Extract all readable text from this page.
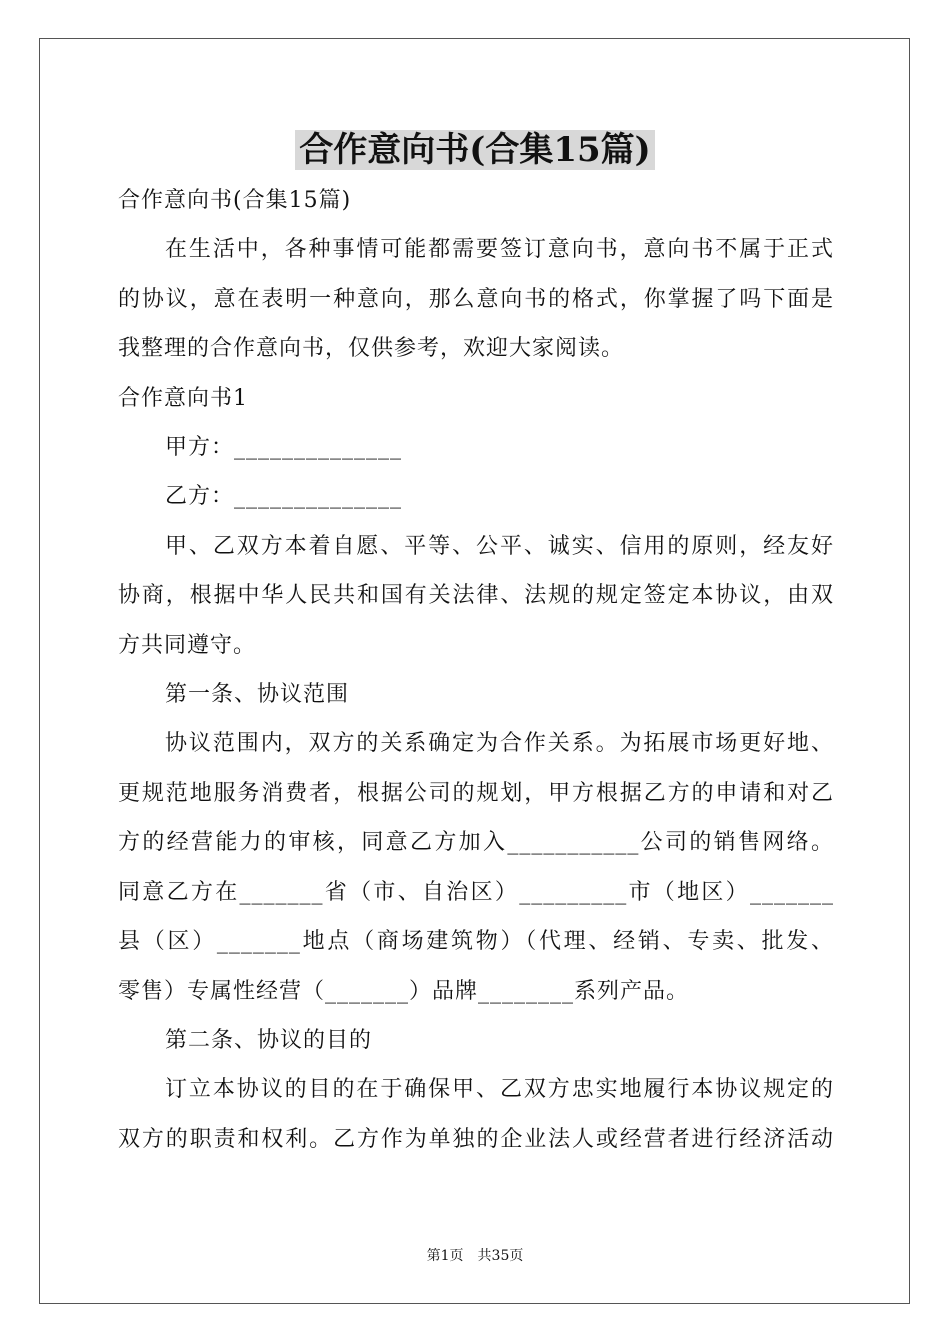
合作意向书(合集15篇)
合作意向书(合集15篇)
在生活中，各种事情可能都需要签订意向书，意向书不属于正式
的协议，意在表明一种意向，那么意向书的格式，你掌握了吗下面是
我整理的合作意向书，仅供参考，欢迎大家阅读。
合作意向书1
甲方：______________
乙方：______________
甲、乙双方本着自愿、平等、公平、诚实、信用的原则，经友好
协商，根据中华人民共和国有关法律、法规的规定签定本协议，由双
方共同遵守。
第一条、协议范围
协议范围内，双方的关系确定为合作关系。为拓展市场更好地、
更规范地服务消费者，根据公司的规划，甲方根据乙方的申请和对乙
方的经营能力的审核，同意乙方加入___________公司的销售网络。
同意乙方在_______省（市、自治区）_________市（地区）_______
县（区）_______地点（商场建筑物）（代理、经销、专卖、批发、
零售）专属性经营（_______）品牌________系列产品。
第二条、协议的目的
订立本协议的目的在于确保甲、乙双方忠实地履行本协议规定的
双方的职责和权利。乙方作为单独的企业法人或经营者进行经济活动
第1页　共35页
